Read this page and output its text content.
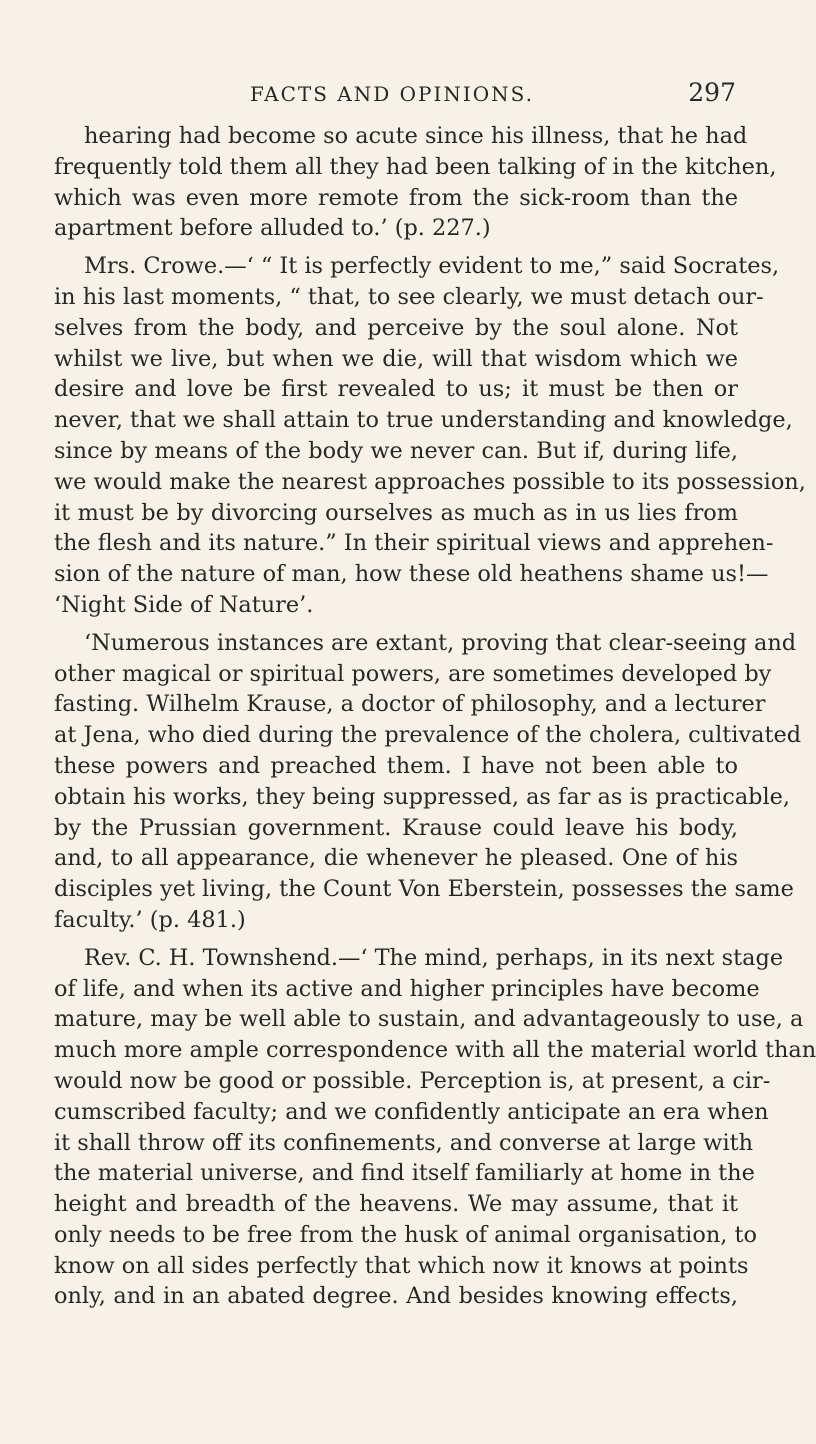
FACTS AND OPINIONS.	297
hearing had become so acute since his illness, that he had
frequently told them all they had been talking of in the kitchen,
which was even more remote from the sick-room than the
apartment before alluded to.’ (p. 227.)
Mrs. Crowe.—‘ “ It is perfectly evident to me,” said Socrates,
in his last moments, “ that, to see clearly, we must detach our-
selves from the body, and perceive by the soul alone. Not
whilst we live, but when we die, will that wisdom which we
desire and love be first revealed to us; it must be then or
never, that we shall attain to true understanding and knowledge,
since by means of the body we never can. But if, during life,
we would make the nearest approaches possible to its possession,
it must be by divorcing ourselves as much as in us lies from
the flesh and its nature.” In their spiritual views and apprehen-
sion of the nature of man, how these old heathens shame us!—
‘Night Side of Nature’.
‘Numerous instances are extant, proving that clear-seeing and
other magical or spiritual powers, are sometimes developed by
fasting. Wilhelm Krause, a doctor of philosophy, and a lecturer
at Jena, who died during the prevalence of the cholera, cultivated
these powers and preached them. I have not been able to
obtain his works, they being suppressed, as far as is practicable,
by the Prussian government. Krause could leave his body,
and, to all appearance, die whenever he pleased. One of his
disciples yet living, the Count Von Eberstein, possesses the same
faculty.’ (p. 481.)
Rev. C. H. Townshend.—‘ The mind, perhaps, in its next stage
of life, and when its active and higher principles have become
mature, may be well able to sustain, and advantageously to use, a
much more ample correspondence with all the material world than
would now be good or possible. Perception is, at present, a cir-
cumscribed faculty; and we confidently anticipate an era when
it shall throw off its confinements, and converse at large with
the material universe, and find itself familiarly at home in the
height and breadth of the heavens. We may assume, that it
only needs to be free from the husk of animal organisation, to
know on all sides perfectly that which now it knows at points
only, and in an abated degree. And besides knowing effects,
